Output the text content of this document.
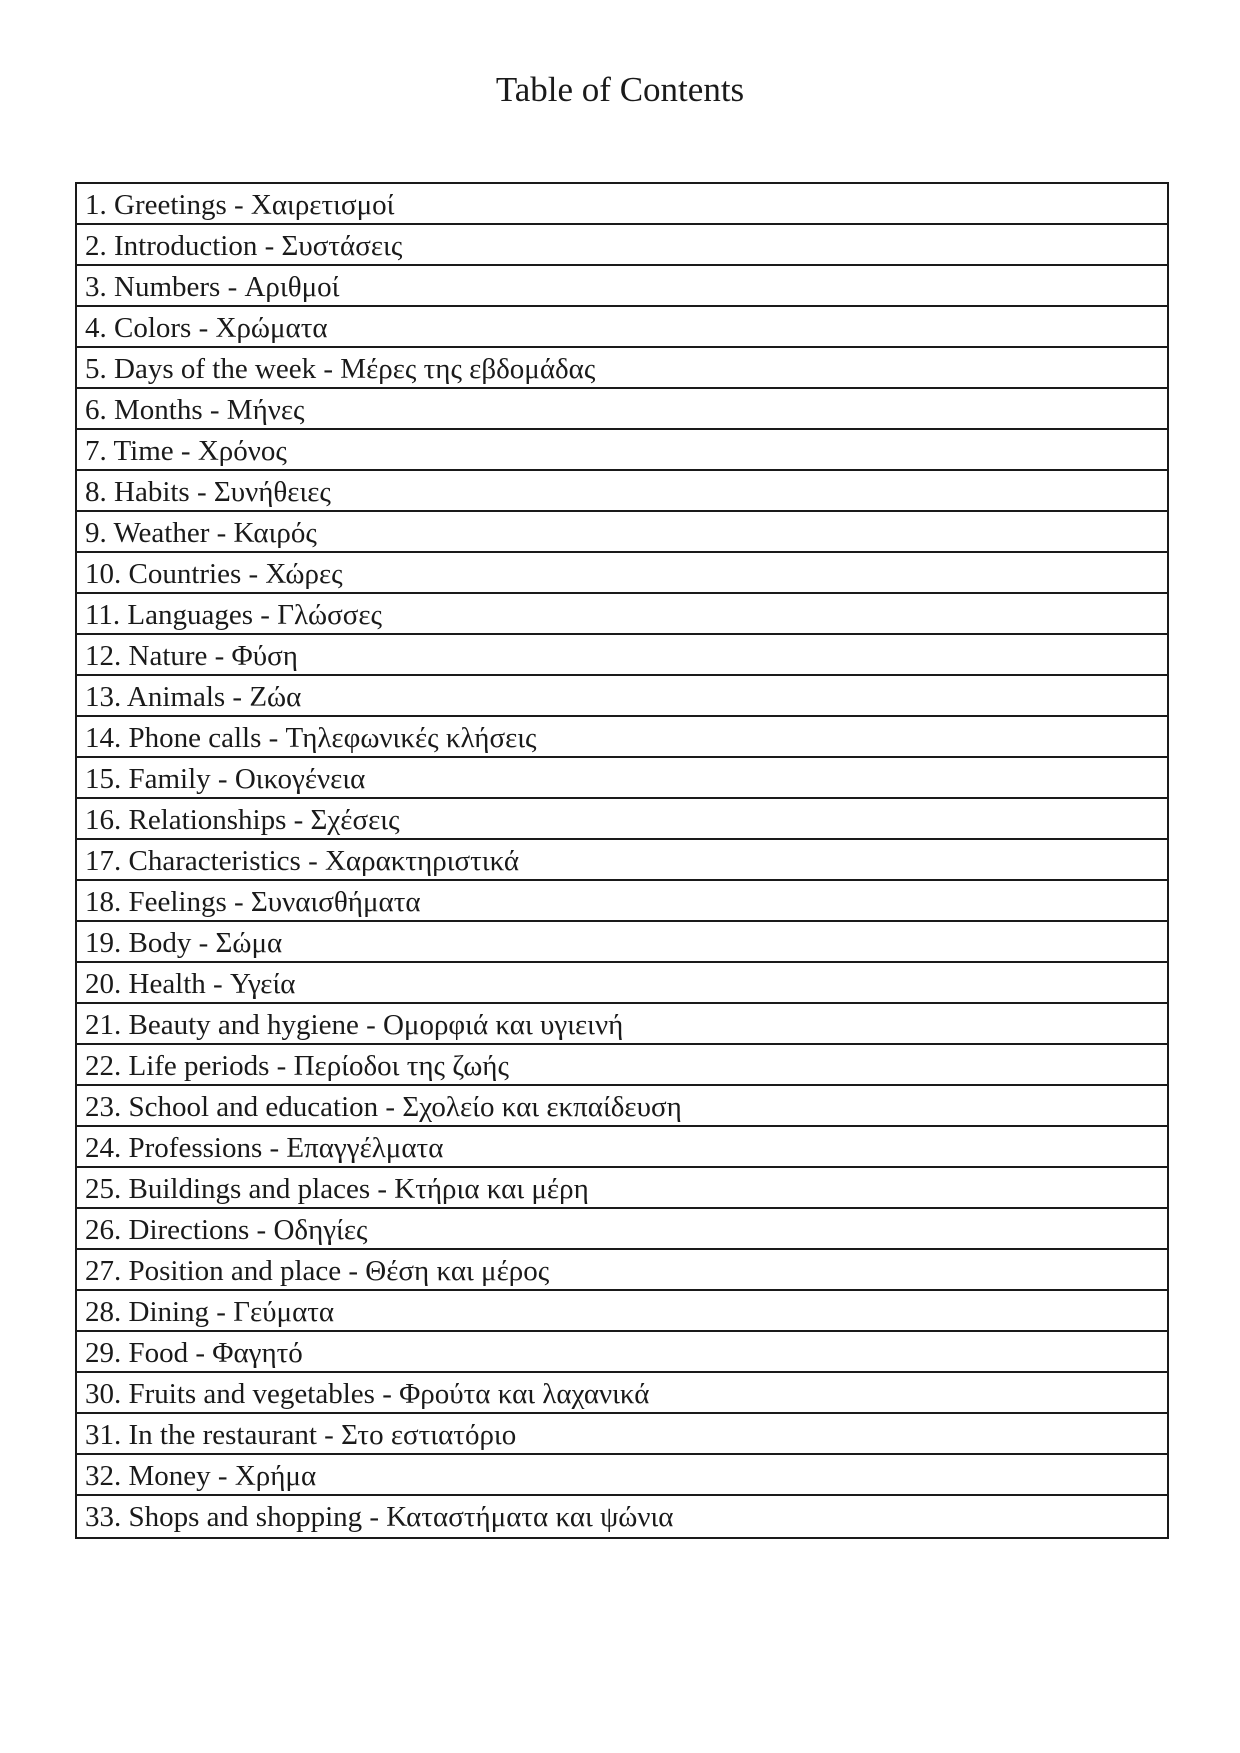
Table of Contents
1. Greetings - Χαιρετισμοί
2. Introduction - Συστάσεις
3. Numbers - Αριθμοί
4. Colors - Χρώματα
5. Days of the week - Μέρες της εβδομάδας
6. Months - Μήνες
7. Time - Χρόνος
8. Habits - Συνήθειες
9. Weather - Καιρός
10. Countries - Χώρες
11. Languages - Γλώσσες
12. Nature - Φύση
13. Animals - Ζώα
14. Phone calls - Τηλεφωνικές κλήσεις
15. Family - Οικογένεια
16. Relationships - Σχέσεις
17. Characteristics - Χαρακτηριστικά
18. Feelings - Συναισθήματα
19. Body - Σώμα
20. Health - Υγεία
21. Beauty and hygiene - Ομορφιά και υγιεινή
22. Life periods - Περίοδοι της ζωής
23. School and education - Σχολείο και εκπαίδευση
24. Professions - Επαγγέλματα
25. Buildings and places - Κτήρια και μέρη
26. Directions - Οδηγίες
27. Position and place - Θέση και μέρος
28. Dining - Γεύματα
29. Food - Φαγητό
30. Fruits and vegetables - Φρούτα και λαχανικά
31. In the restaurant - Στο εστιατόριο
32. Money - Χρήμα
33. Shops and shopping - Καταστήματα και ψώνια
